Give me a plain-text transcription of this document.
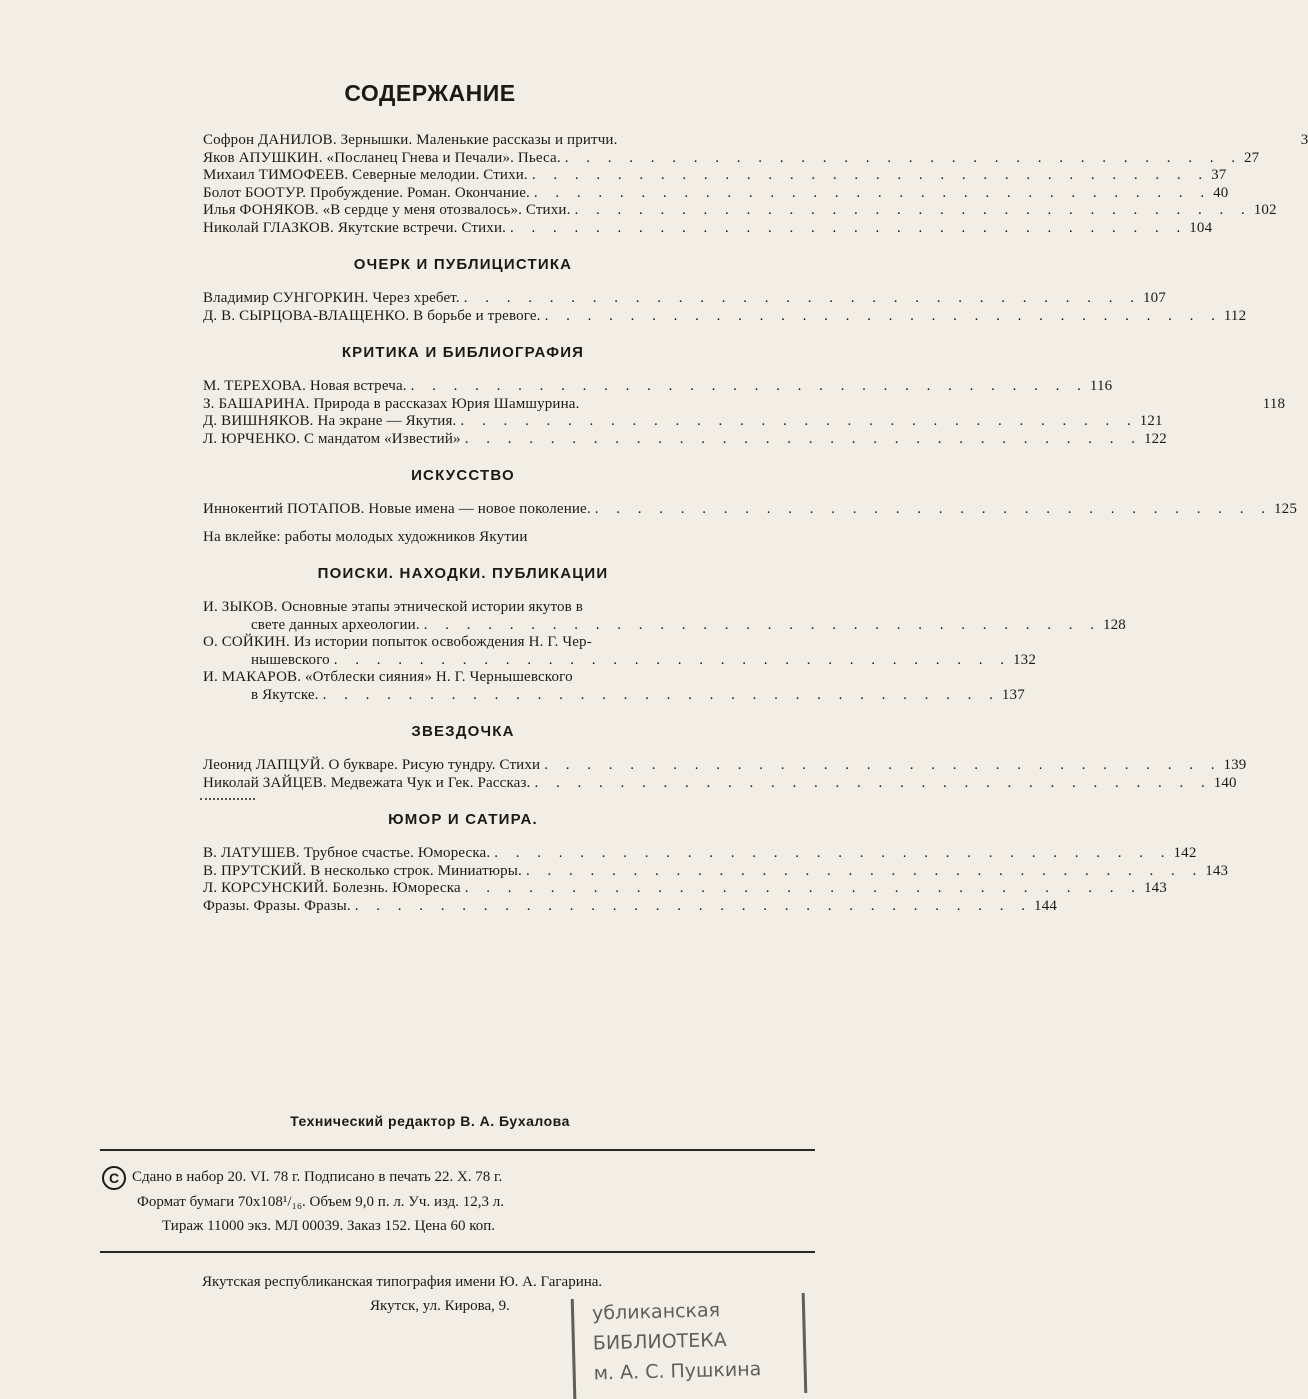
СОДЕРЖАНИЕ
Софрон ДАНИЛОВ. Зернышки. Маленькие рассказы и притчи.	3
Яков АПУШКИН. «Посланец Гнева и Печали». Пьеса. . . .	27
Михаил ТИМОФЕЕВ. Северные мелодии. Стихи. . . .	37
Болот БООТУР. Пробуждение. Роман. Окончание. . . .	40
Илья ФОНЯКОВ. «В сердце у меня отозвалось». Стихи. . . .	102
Николай ГЛАЗКОВ. Якутские встречи. Стихи. . . .	104
ОЧЕРК И ПУБЛИЦИСТИКА
Владимир СУНГОРКИН. Через хребет. . . .	107
Д. В. СЫРЦОВА-ВЛАЩЕНКО. В борьбе и тревоге. . . .	112
КРИТИКА И БИБЛИОГРАФИЯ
М. ТЕРЕХОВА. Новая встреча. . . .	116
З. БАШАРИНА. Природа в рассказах Юрия Шамшурина.	118
Д. ВИШНЯКОВ. На экране — Якутия. . . .	121
Л. ЮРЧЕНКО. С мандатом «Известий» . . .	122
ИСКУССТВО
Иннокентий ПОТАПОВ. Новые имена — новое поколение. . . .	125
На вклейке: работы молодых художников Якутии
ПОИСКИ. НАХОДКИ. ПУБЛИКАЦИИ
И. ЗЫКОВ. Основные этапы этнической истории якутов в
свете данных археологии. . . .	128
О. СОЙКИН. Из истории попыток освобождения Н. Г. Чер-
нышевского . . .	132
И. МАКАРОВ. «Отблески сияния» Н. Г. Чернышевского
в Якутске. . . .	137
ЗВЕЗДОЧКА
Леонид ЛАПЦУЙ. О букваре. Рисую тундру. Стихи . . .	139
Николай ЗАЙЦЕВ. Медвежата Чук и Гек. Рассказ. . . .	140
ЮМОР И САТИРА.
В. ЛАТУШЕВ. Трубное счастье. Юмореска. . . .	142
В. ПРУТСКИЙ. В несколько строк. Миниатюры. . . .	143
Л. КОРСУНСКИЙ. Болезнь. Юмореска . . .	143
Фразы. Фразы. Фразы. . . .	144
Технический редактор В. А. Бухалова
C Сдано в набор 20. VI. 78 г. Подписано в печать 22. X. 78 г.
Формат бумаги 70х108¹/₁₆. Объем 9,0 п. л. Уч. изд. 12,3 л.
Тираж 11000 экз. МЛ 00039. Заказ 152. Цена 60 коп.
Якутская республиканская типография имени Ю. А. Гагарина.
Якутск, ул. Кирова, 9.	убликанская
БИБЛИОТЕКА
м. А. С. Пушкина
